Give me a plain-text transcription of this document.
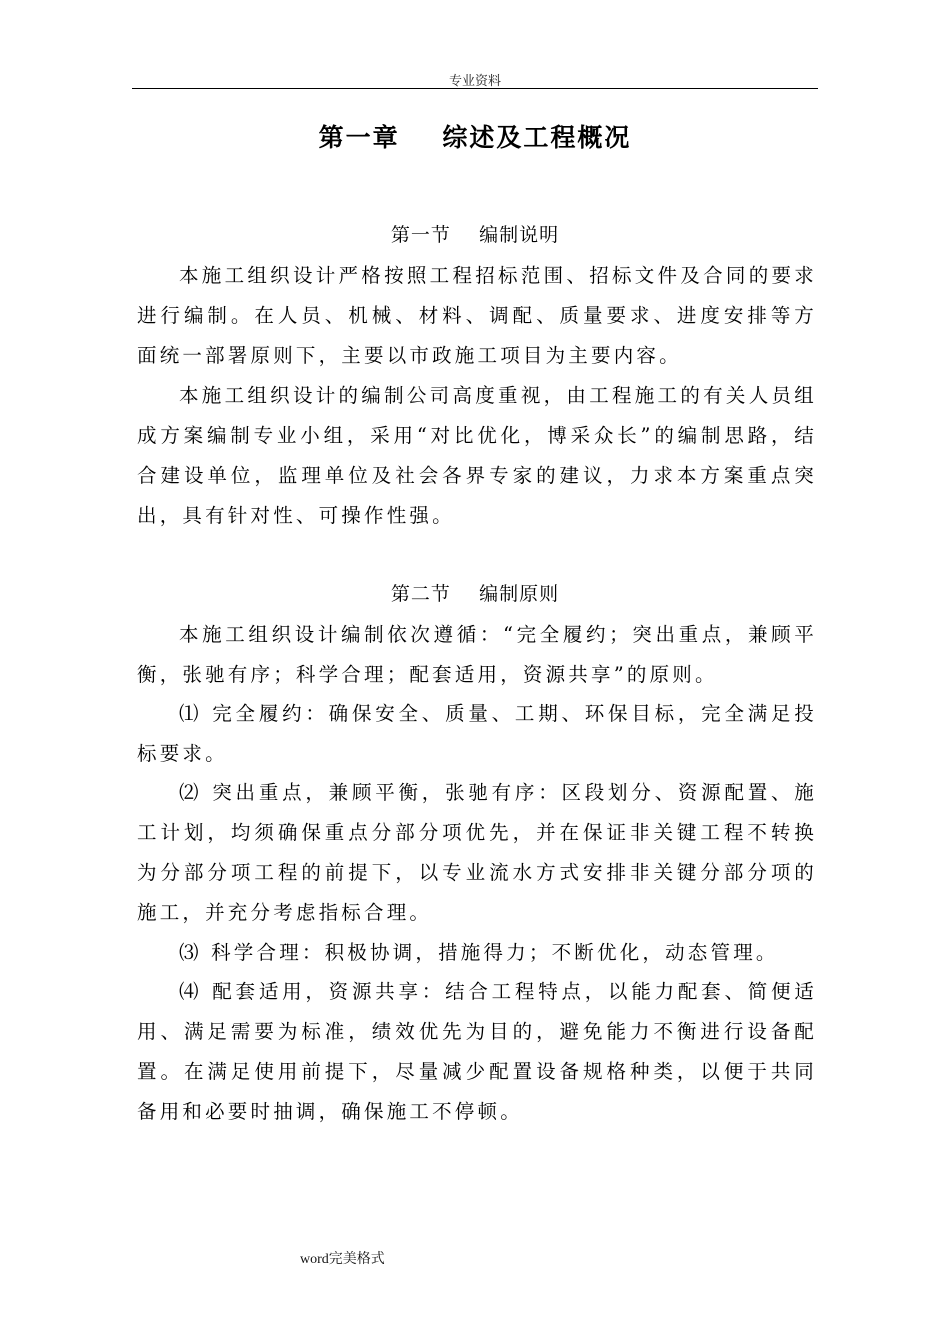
专业资料
第一章    综述及工程概况
第一节    编制说明
本施工组织设计严格按照工程招标范围、招标文件及合同的要求进行编制。在人员、机械、材料、调配、质量要求、进度安排等方面统一部署原则下，主要以市政施工项目为主要内容。
本施工组织设计的编制公司高度重视，由工程施工的有关人员组成方案编制专业小组，采用“对比优化，博采众长”的编制思路，结合建设单位，监理单位及社会各界专家的建议，力求本方案重点突出，具有针对性、可操作性强。
第二节    编制原则
本施工组织设计编制依次遵循：“完全履约；突出重点，兼顾平衡，张驰有序；科学合理；配套适用，资源共享”的原则。
⑴ 完全履约：确保安全、质量、工期、环保目标，完全满足投标要求。
⑵ 突出重点，兼顾平衡，张驰有序：区段划分、资源配置、施工计划，均须确保重点分部分项优先，并在保证非关键工程不转换为分部分项工程的前提下，以专业流水方式安排非关键分部分项的施工，并充分考虑指标合理。
⑶ 科学合理：积极协调，措施得力；不断优化，动态管理。
⑷ 配套适用，资源共享：结合工程特点，以能力配套、简便适用、满足需要为标准，绩效优先为目的，避免能力不衡进行设备配置。在满足使用前提下，尽量减少配置设备规格种类，以便于共同备用和必要时抽调，确保施工不停顿。
word完美格式
